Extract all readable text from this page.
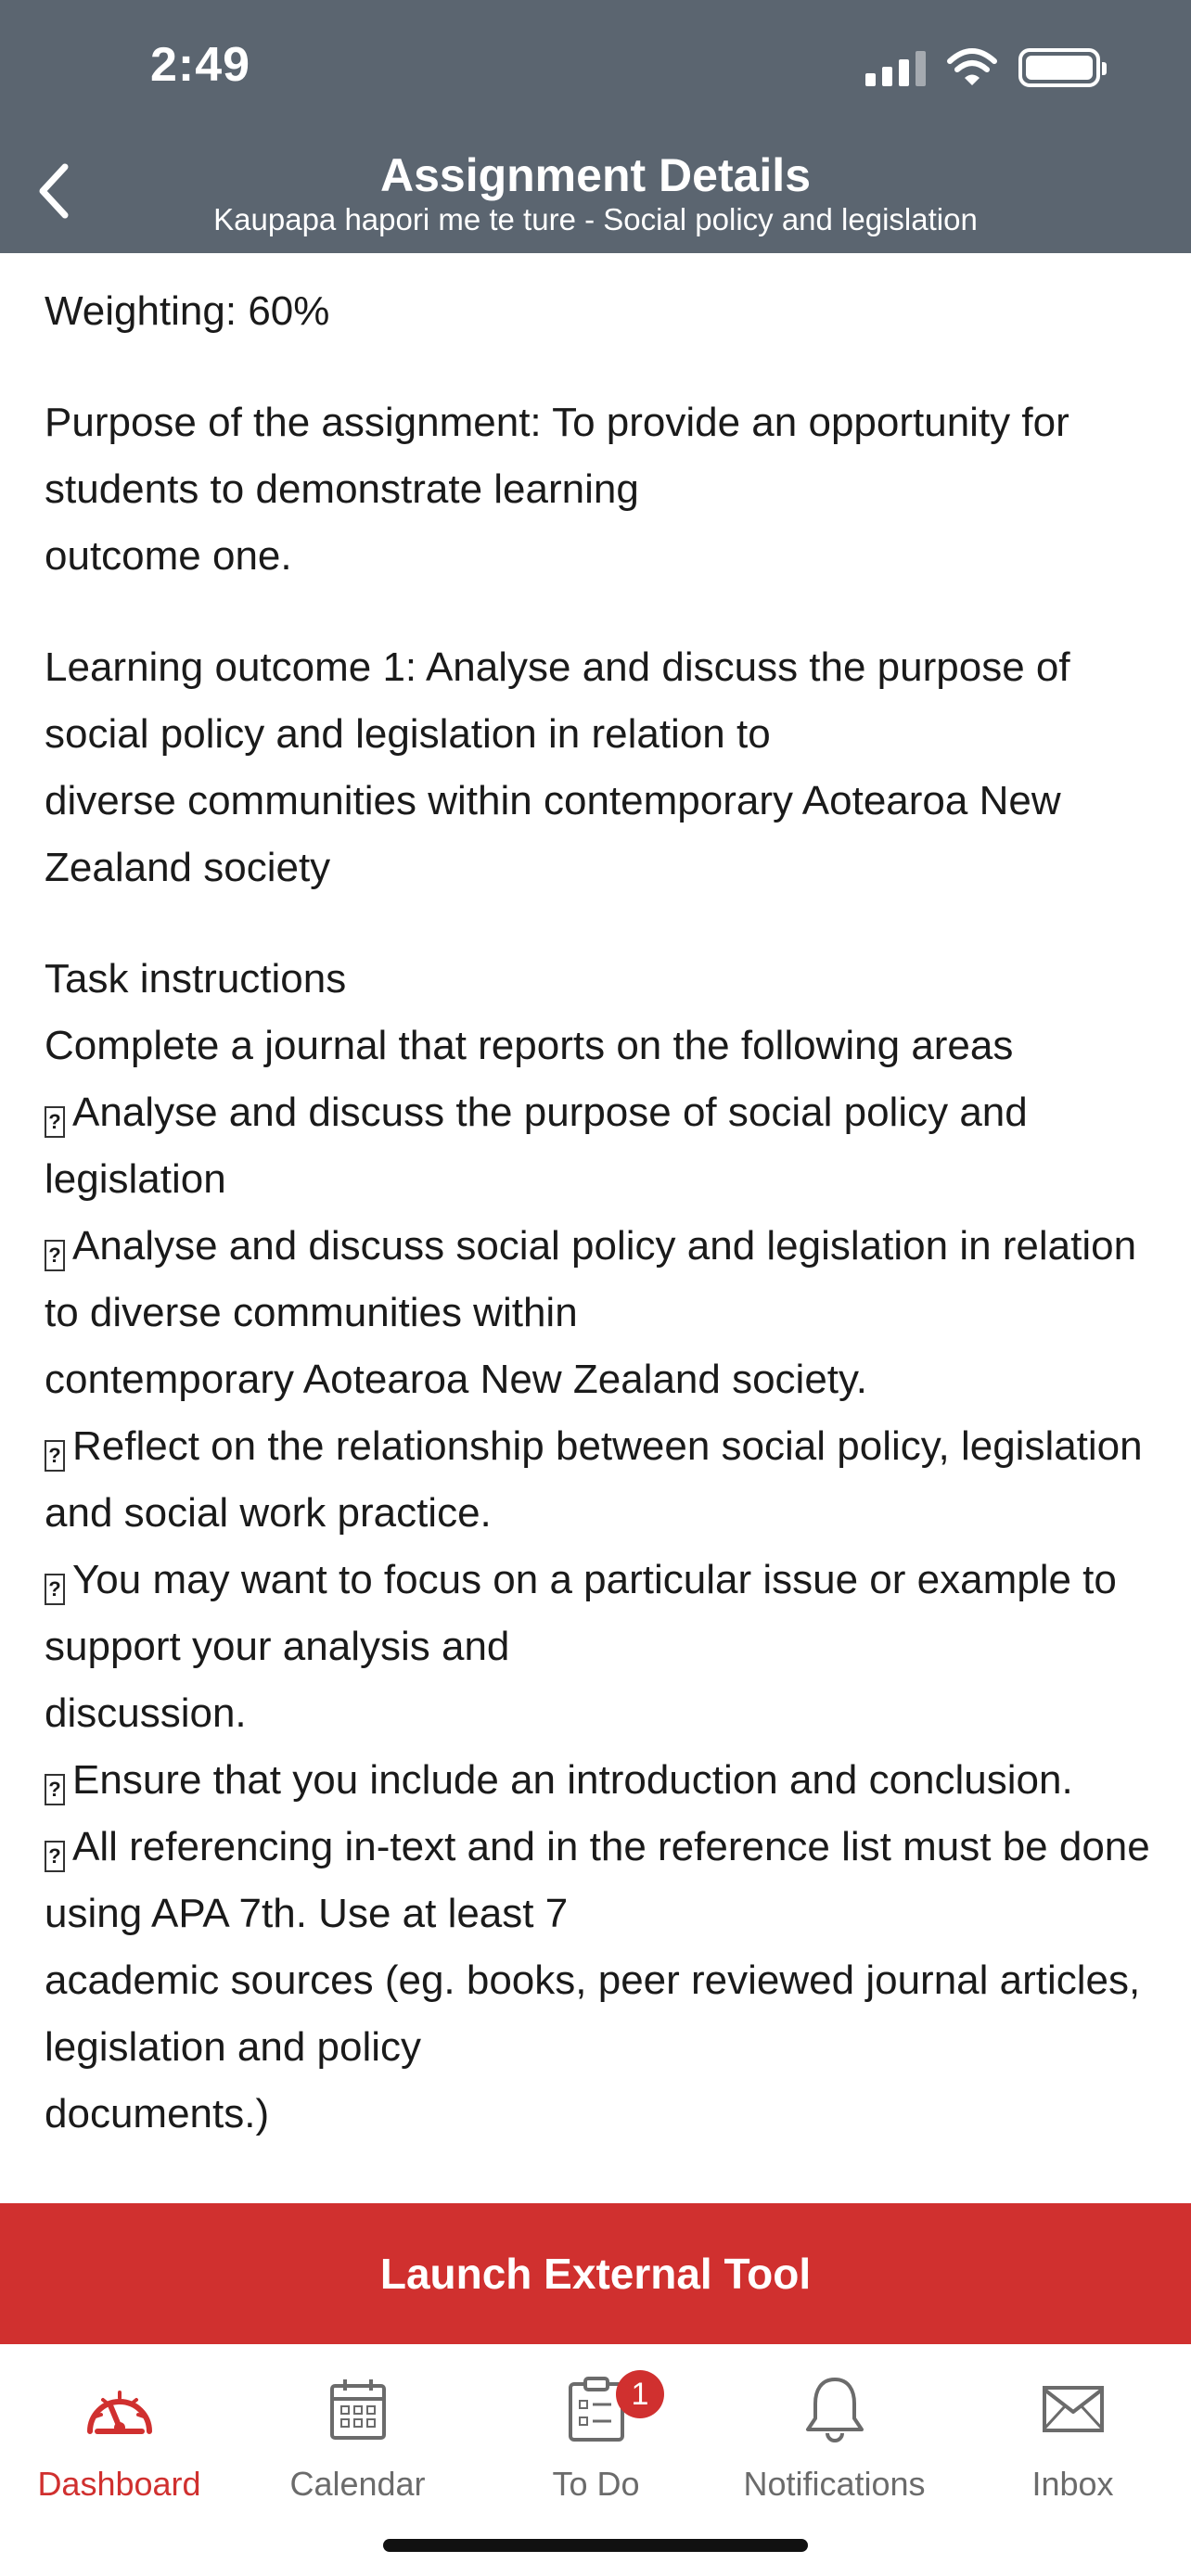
2:49
Assignment Details
Kaupapa hapori me te ture - Social policy and legislation

Weighting: 60%

Purpose of the assignment: To provide an opportunity for students to demonstrate learning
outcome one.

Learning outcome 1: Analyse and discuss the purpose of social policy and legislation in relation to
diverse communities within contemporary Aotearoa New Zealand society

Task instructions
Complete a journal that reports on the following areas
? Analyse and discuss the purpose of social policy and legislation
? Analyse and discuss social policy and legislation in relation to diverse communities within
contemporary Aotearoa New Zealand society.
? Reflect on the relationship between social policy, legislation and social work practice.
? You may want to focus on a particular issue or example to support your analysis and
discussion.
? Ensure that you include an introduction and conclusion.
? All referencing in-text and in the reference list must be done using APA 7th. Use at least 7
academic sources (eg. books, peer reviewed journal articles, legislation and policy
documents.)

Launch External Tool
Dashboard	Calendar
1
To Do	Notifications	Inbox
